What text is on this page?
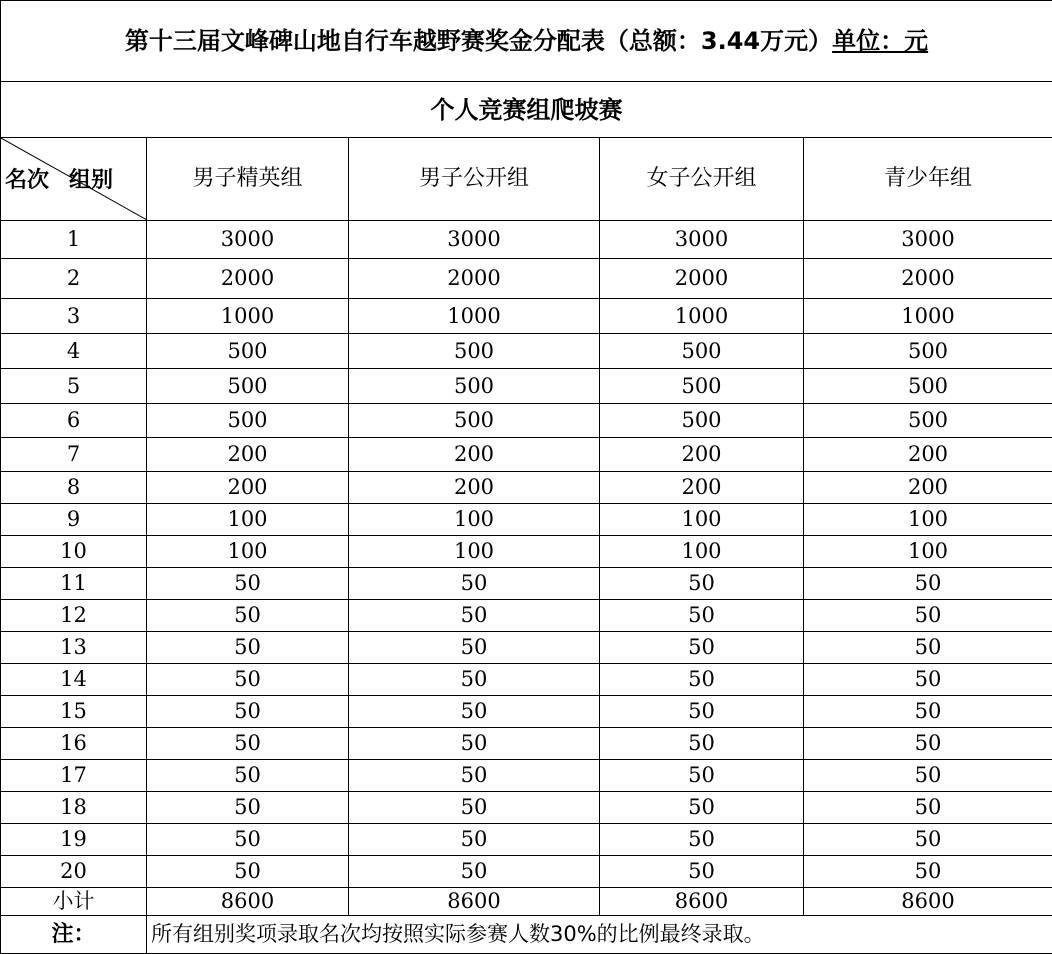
第十三届文峰碑山地自行车越野赛奖金分配表（总额：3.44万元）单位：元				
个人竞赛组爬坡赛				

名次 组别	男子精英组	男子公开组	女子公开组	青少年组
1	3000	3000	3000	3000
2	2000	2000	2000	2000
3	1000	1000	1000	1000
4	500	500	500	500
5	500	500	500	500
6	500	500	500	500
7	200	200	200	200
8	200	200	200	200
9	100	100	100	100
10	100	100	100	100
11	50	50	50	50
12	50	50	50	50
13	50	50	50	50
14	50	50	50	50
15	50	50	50	50
16	50	50	50	50
17	50	50	50	50
18	50	50	50	50
19	50	50	50	50
20	50	50	50	50
小计	8600	8600	8600	8600
注：	所有组别奖项录取名次均按照实际参赛人数30%的比例最终录取。			
